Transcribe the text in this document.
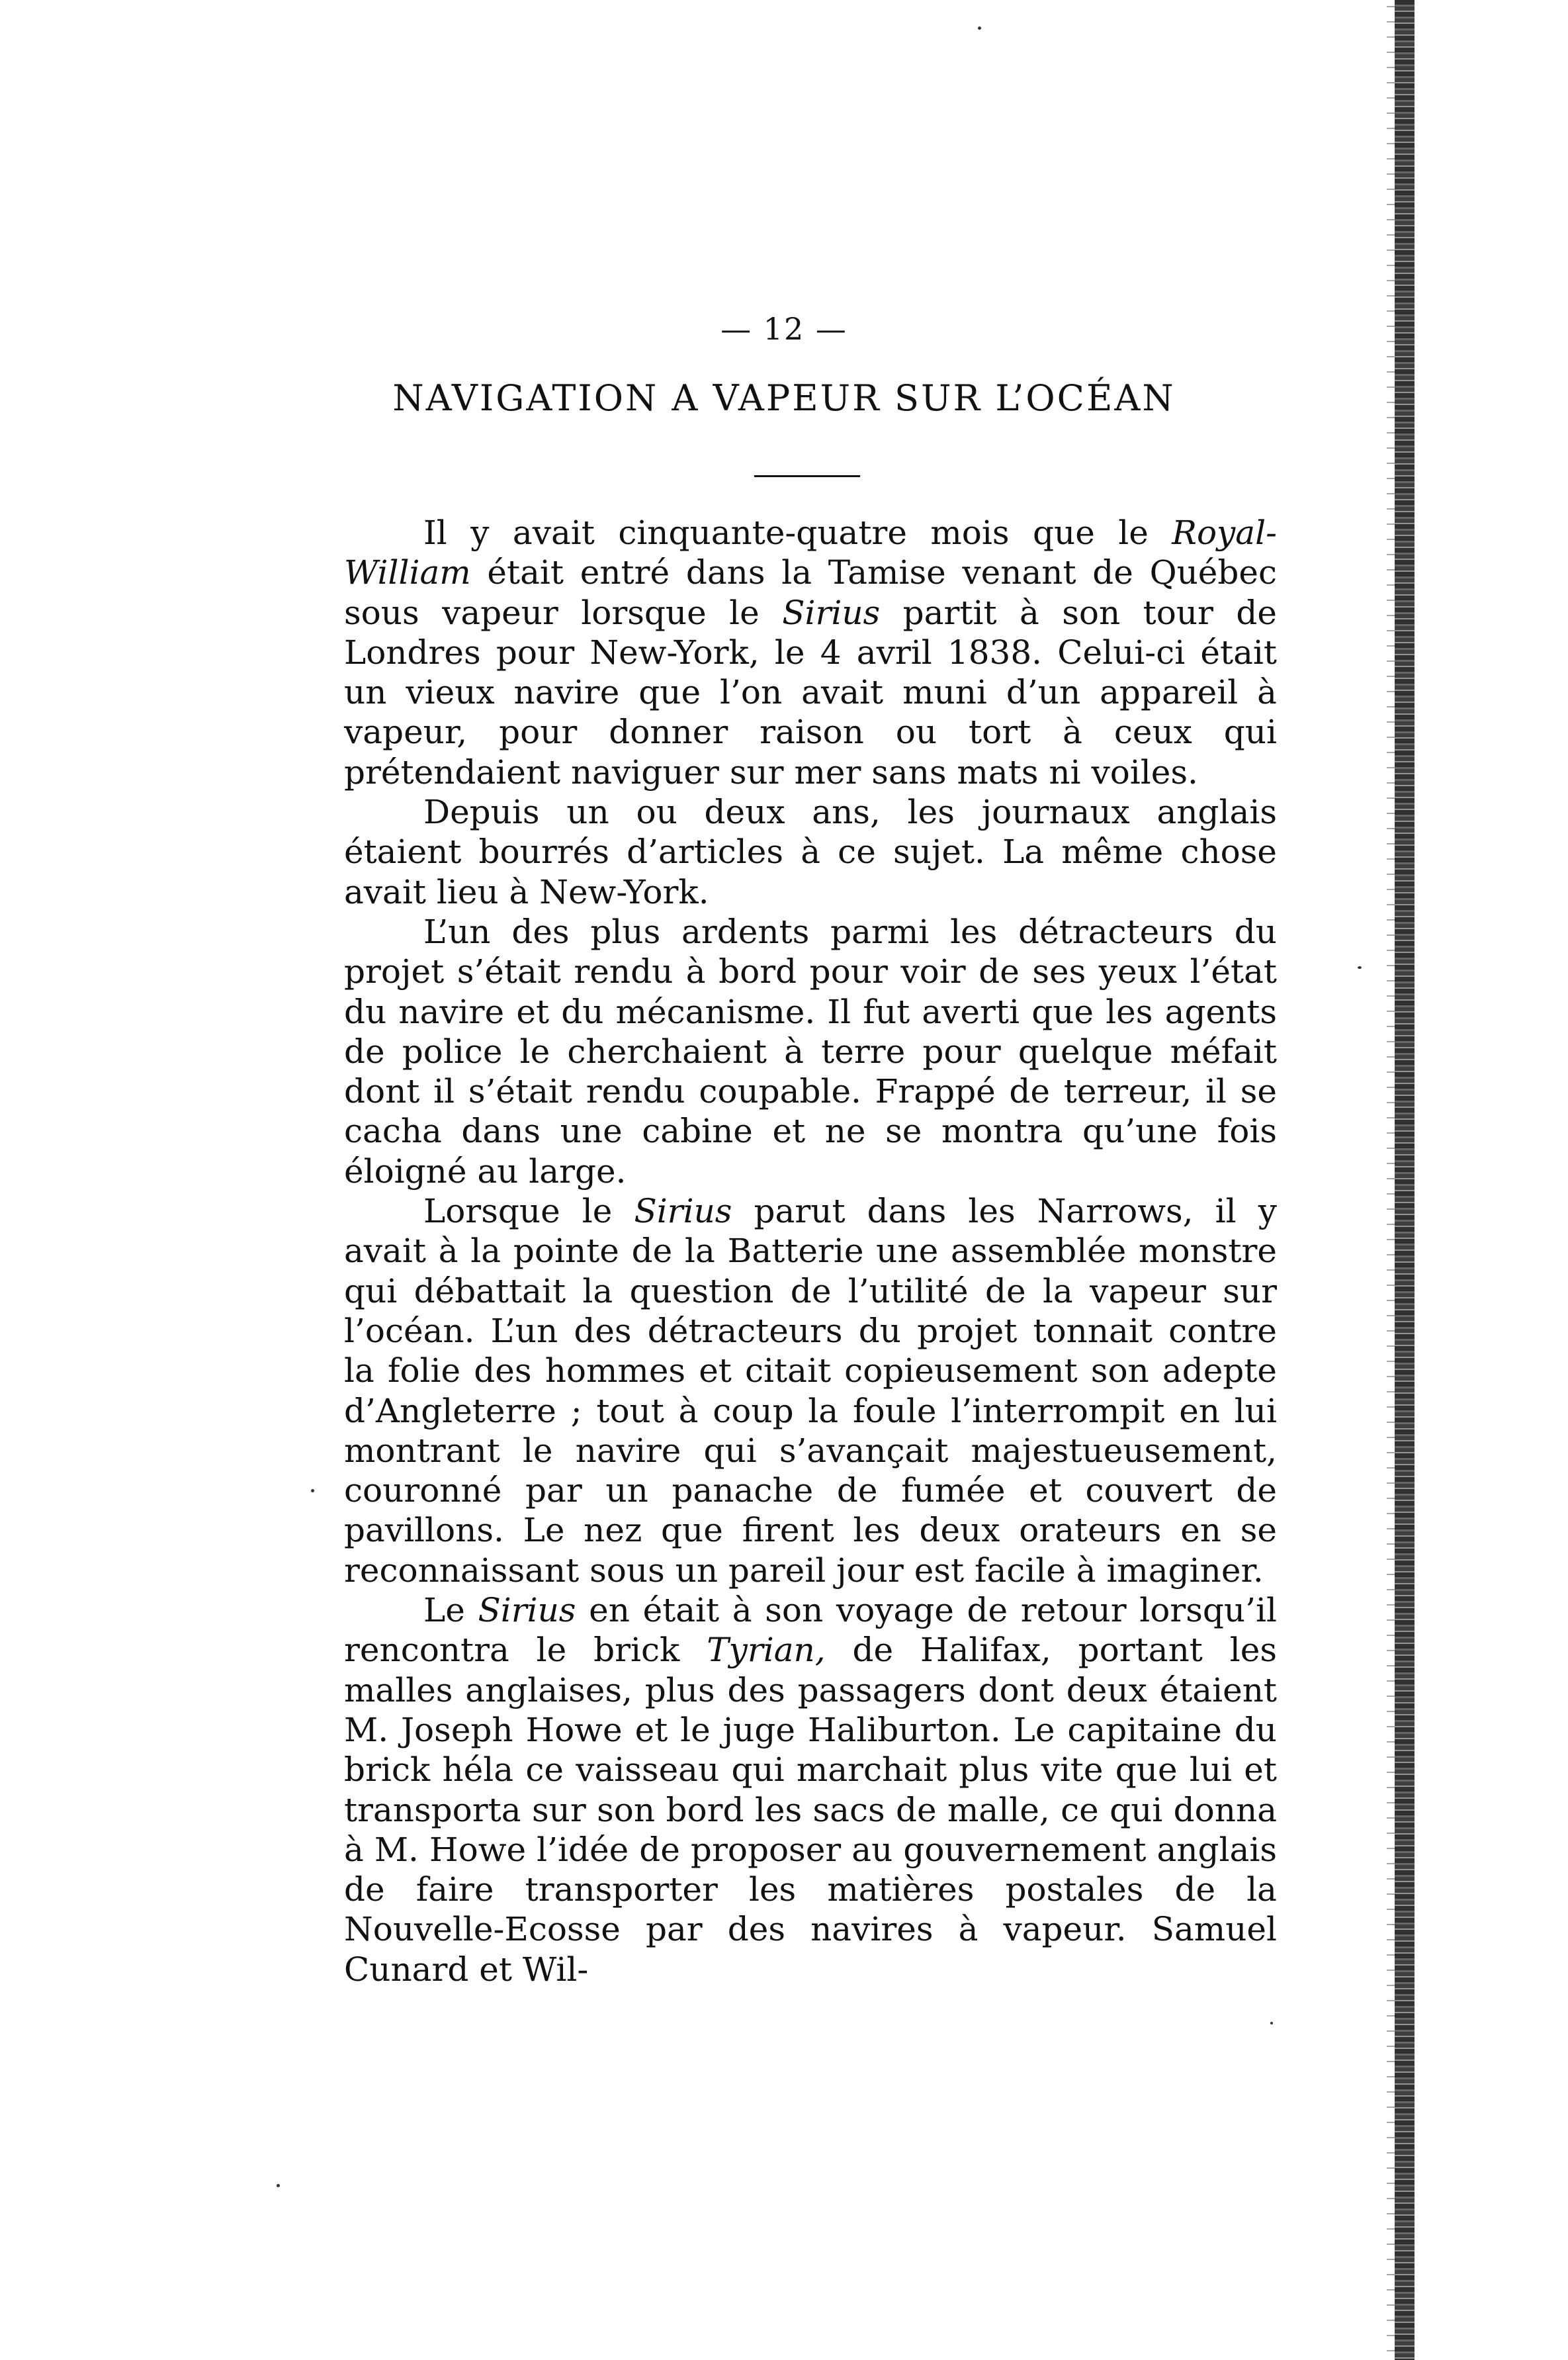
— 12 —
NAVIGATION A VAPEUR SUR L’OCÉAN

Il y avait cinquante-quatre mois que le Royal-William était entré dans la Tamise venant de Québec sous vapeur lorsque le Sirius partit à son tour de Londres pour New-York, le 4 avril 1838. Celui-ci était un vieux navire que l’on avait muni d’un appareil à vapeur, pour donner raison ou tort à ceux qui prétendaient naviguer sur mer sans mats ni voiles.

Depuis un ou deux ans, les journaux anglais étaient bourrés d’articles à ce sujet. La même chose avait lieu à New-York.

L’un des plus ardents parmi les détracteurs du projet s’était rendu à bord pour voir de ses yeux l’état du navire et du mécanisme. Il fut averti que les agents de police le cherchaient à terre pour quelque méfait dont il s’était rendu coupable. Frappé de terreur, il se cacha dans une cabine et ne se montra qu’une fois éloigné au large.

Lorsque le Sirius parut dans les Narrows, il y avait à la pointe de la Batterie une assemblée monstre qui débattait la question de l’utilité de la vapeur sur l’océan. L’un des détracteurs du projet tonnait contre la folie des hommes et citait copieusement son adepte d’Angleterre ; tout à coup la foule l’interrompit en lui montrant le navire qui s’avançait majestueusement, couronné par un panache de fumée et couvert de pavillons. Le nez que firent les deux orateurs en se reconnaissant sous un pareil jour est facile à imaginer.

Le Sirius en était à son voyage de retour lorsqu’il rencontra le brick Tyrian, de Halifax, portant les malles anglaises, plus des passagers dont deux étaient M. Joseph Howe et le juge Haliburton. Le capitaine du brick héla ce vaisseau qui marchait plus vite que lui et transporta sur son bord les sacs de malle, ce qui donna à M. Howe l’idée de proposer au gouvernement anglais de faire transporter les matières postales de la Nouvelle-Ecosse par des navires à vapeur. Samuel Cunard et Wil-
